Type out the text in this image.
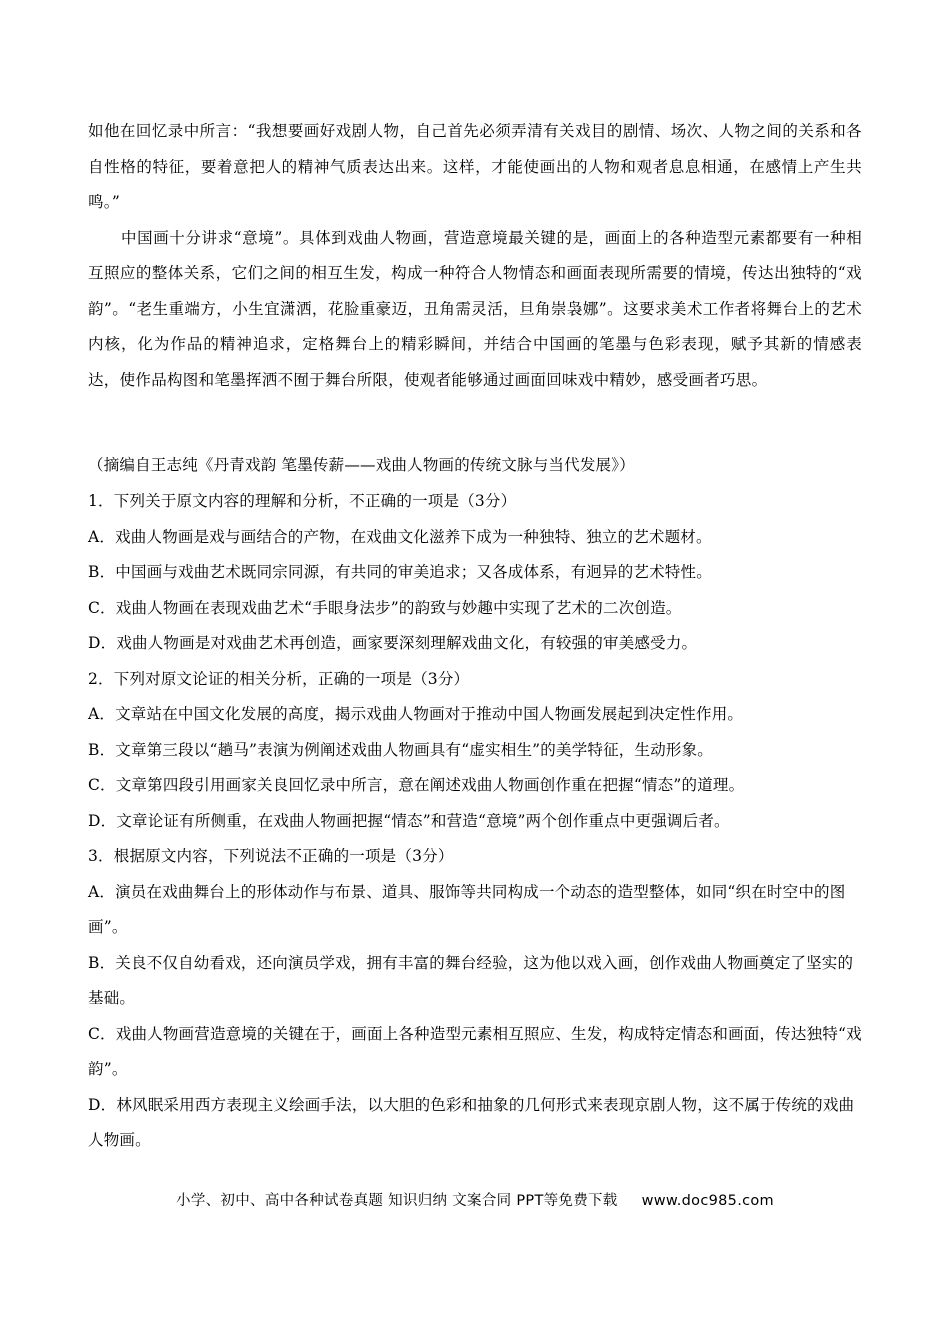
如他在回忆录中所言：“我想要画好戏剧人物，自己首先必须弄清有关戏目的剧情、场次、人物之间的关系和各自性格的特征，要着意把人的精神气质表达出来。这样，才能使画出的人物和观者息息相通，在感情上产生共鸣。”

中国画十分讲求“意境”。具体到戏曲人物画，营造意境最关键的是，画面上的各种造型元素都要有一种相互照应的整体关系，它们之间的相互生发，构成一种符合人物情态和画面表现所需要的情境，传达出独特的“戏韵”。“老生重端方，小生宜潇洒，花脸重豪迈，丑角需灵活，旦角崇袅娜”。这要求美术工作者将舞台上的艺术内核，化为作品的精神追求，定格舞台上的精彩瞬间，并结合中国画的笔墨与色彩表现，赋予其新的情感表达，使作品构图和笔墨挥洒不囿于舞台所限，使观者能够通过画面回味戏中精妙，感受画者巧思。

（摘编自王志纯《丹青戏韵 笔墨传薪——戏曲人物画的传统文脉与当代发展》）
1．下列关于原文内容的理解和分析，不正确的一项是（3分）
A．戏曲人物画是戏与画结合的产物，在戏曲文化滋养下成为一种独特、独立的艺术题材。
B．中国画与戏曲艺术既同宗同源，有共同的审美追求；又各成体系，有迥异的艺术特性。
C．戏曲人物画在表现戏曲艺术“手眼身法步”的韵致与妙趣中实现了艺术的二次创造。
D．戏曲人物画是对戏曲艺术再创造，画家要深刻理解戏曲文化，有较强的审美感受力。
2．下列对原文论证的相关分析，正确的一项是（3分）
A．文章站在中国文化发展的高度，揭示戏曲人物画对于推动中国人物画发展起到决定性作用。
B．文章第三段以“趟马”表演为例阐述戏曲人物画具有“虚实相生”的美学特征，生动形象。
C．文章第四段引用画家关良回忆录中所言，意在阐述戏曲人物画创作重在把握“情态”的道理。
D．文章论证有所侧重，在戏曲人物画把握“情态”和营造“意境”两个创作重点中更强调后者。
3．根据原文内容，下列说法不正确的一项是（3分）
A．演员在戏曲舞台上的形体动作与布景、道具、服饰等共同构成一个动态的造型整体，如同“织在时空中的图画”。
B．关良不仅自幼看戏，还向演员学戏，拥有丰富的舞台经验，这为他以戏入画，创作戏曲人物画奠定了坚实的基础。
C．戏曲人物画营造意境的关键在于，画面上各种造型元素相互照应、生发，构成特定情态和画面，传达独特“戏韵”。
D．林风眠采用西方表现主义绘画手法，以大胆的色彩和抽象的几何形式来表现京剧人物，这不属于传统的戏曲人物画。
小学、初中、高中各种试卷真题 知识归纳 文案合同 PPT等免费下载 www.doc985.com
